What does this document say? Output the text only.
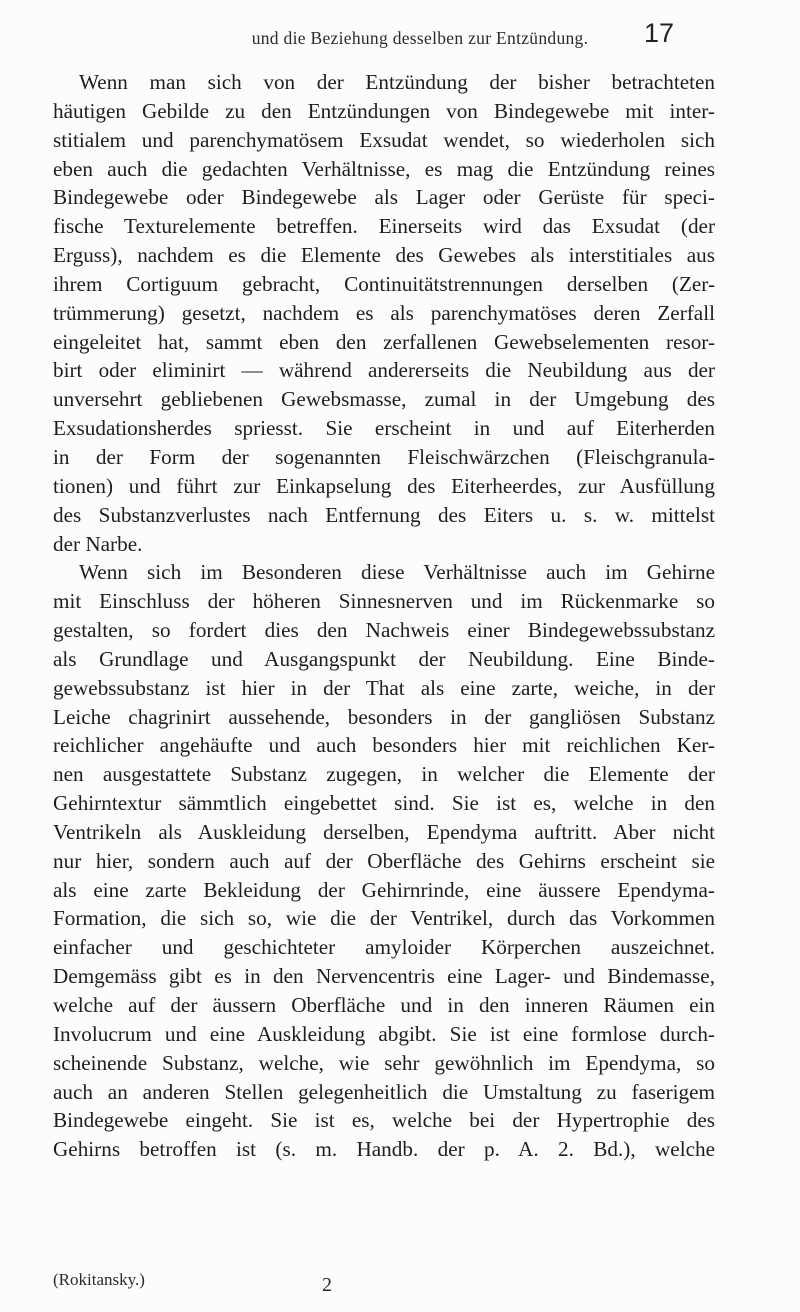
und die Beziehung desselben zur Entzündung.	17
Wenn man sich von der Entzündung der bisher betrachteten
häutigen Gebilde zu den Entzündungen von Bindegewebe mit inter-
stitialem und parenchymatösem Exsudat wendet, so wiederholen sich
eben auch die gedachten Verhältnisse, es mag die Entzündung reines
Bindegewebe oder Bindegewebe als Lager oder Gerüste für speci-
fische Texturelemente betreffen. Einerseits wird das Exsudat (der
Erguss), nachdem es die Elemente des Gewebes als interstitiales aus
ihrem Cortiguum gebracht, Continuitätstrennungen derselben (Zer-
trümmerung) gesetzt, nachdem es als parenchymatöses deren Zerfall
eingeleitet hat, sammt eben den zerfallenen Gewebselementen resor-
birt oder eliminirt — während andererseits die Neubildung aus der
unversehrt gebliebenen Gewebsmasse, zumal in der Umgebung des
Exsudationsherdes spriesst. Sie erscheint in und auf Eiterherden
in der Form der sogenannten Fleischwärzchen (Fleischgranula-
tionen) und führt zur Einkapselung des Eiterheerdes, zur Ausfüllung
des Substanzverlustes nach Entfernung des Eiters u. s. w. mittelst
der Narbe.
Wenn sich im Besonderen diese Verhältnisse auch im Gehirne
mit Einschluss der höheren Sinnesnerven und im Rückenmarke so
gestalten, so fordert dies den Nachweis einer Bindegewebssubstanz
als Grundlage und Ausgangspunkt der Neubildung. Eine Binde-
gewebssubstanz ist hier in der That als eine zarte, weiche, in der
Leiche chagrinirt aussehende, besonders in der gangliösen Substanz
reichlicher angehäufte und auch besonders hier mit reichlichen Ker-
nen ausgestattete Substanz zugegen, in welcher die Elemente der
Gehirntextur sämmtlich eingebettet sind. Sie ist es, welche in den
Ventrikeln als Auskleidung derselben, Ependyma auftritt. Aber nicht
nur hier, sondern auch auf der Oberfläche des Gehirns erscheint sie
als eine zarte Bekleidung der Gehirnrinde, eine äussere Ependyma-
Formation, die sich so, wie die der Ventrikel, durch das Vorkommen
einfacher und geschichteter amyloider Körperchen auszeichnet.
Demgemäss gibt es in den Nervencentris eine Lager- und Bindemasse,
welche auf der äussern Oberfläche und in den inneren Räumen ein
Involucrum und eine Auskleidung abgibt. Sie ist eine formlose durch-
scheinende Substanz, welche, wie sehr gewöhnlich im Ependyma, so
auch an anderen Stellen gelegenheitlich die Umstaltung zu faserigem
Bindegewebe eingeht. Sie ist es, welche bei der Hypertrophie des
Gehirns betroffen ist (s. m. Handb. der p. A. 2. Bd.), welche
(Rokitansky.)	2
